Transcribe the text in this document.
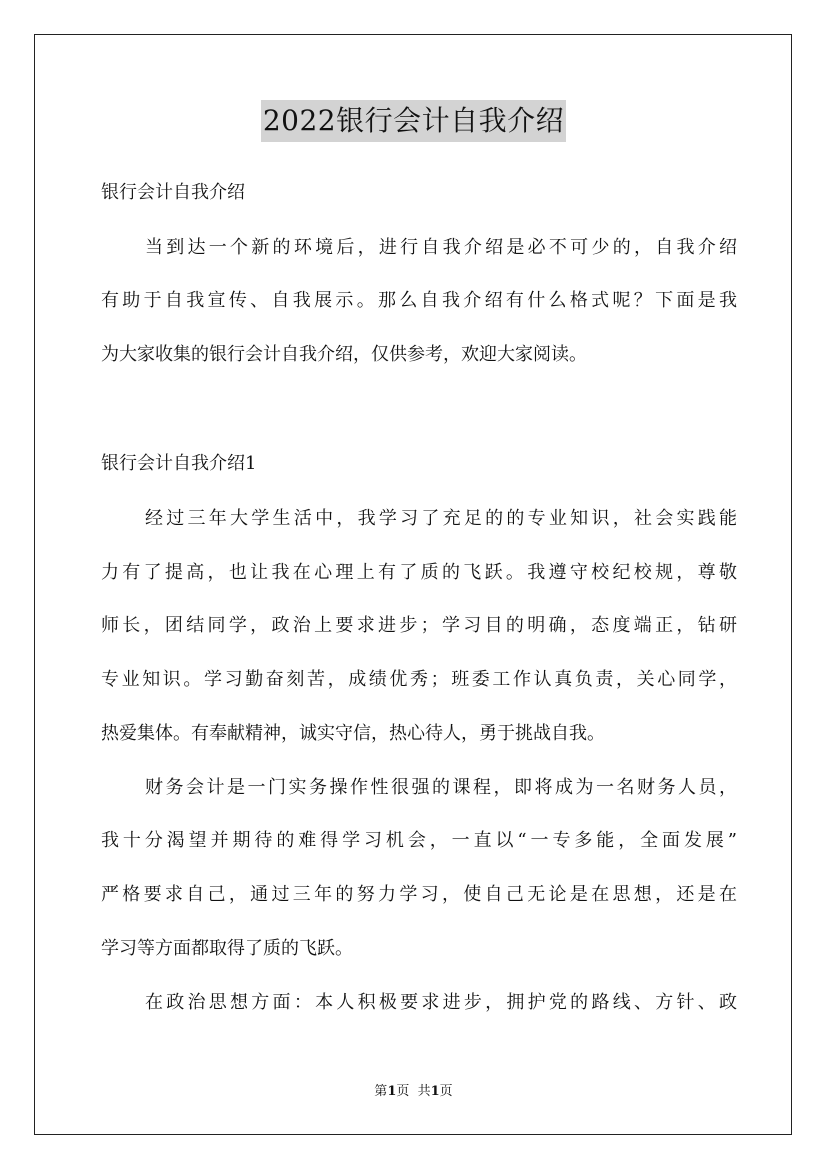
2022银行会计自我介绍
银行会计自我介绍
当到达一个新的环境后，进行自我介绍是必不可少的，自我介绍
有助于自我宣传、自我展示。那么自我介绍有什么格式呢？下面是我
为大家收集的银行会计自我介绍，仅供参考，欢迎大家阅读。
银行会计自我介绍1
经过三年大学生活中，我学习了充足的的专业知识，社会实践能
力有了提高，也让我在心理上有了质的飞跃。我遵守校纪校规，尊敬
师长，团结同学，政治上要求进步；学习目的明确，态度端正，钻研
专业知识。学习勤奋刻苦，成绩优秀；班委工作认真负责，关心同学，
热爱集体。有奉献精神，诚实守信，热心待人，勇于挑战自我。
财务会计是一门实务操作性很强的课程，即将成为一名财务人员，
我十分渴望并期待的难得学习机会，一直以“一专多能，全面发展”
严格要求自己，通过三年的努力学习，使自己无论是在思想，还是在
学习等方面都取得了质的飞跃。
在政治思想方面：本人积极要求进步，拥护党的路线、方针、政
第1页  共1页
